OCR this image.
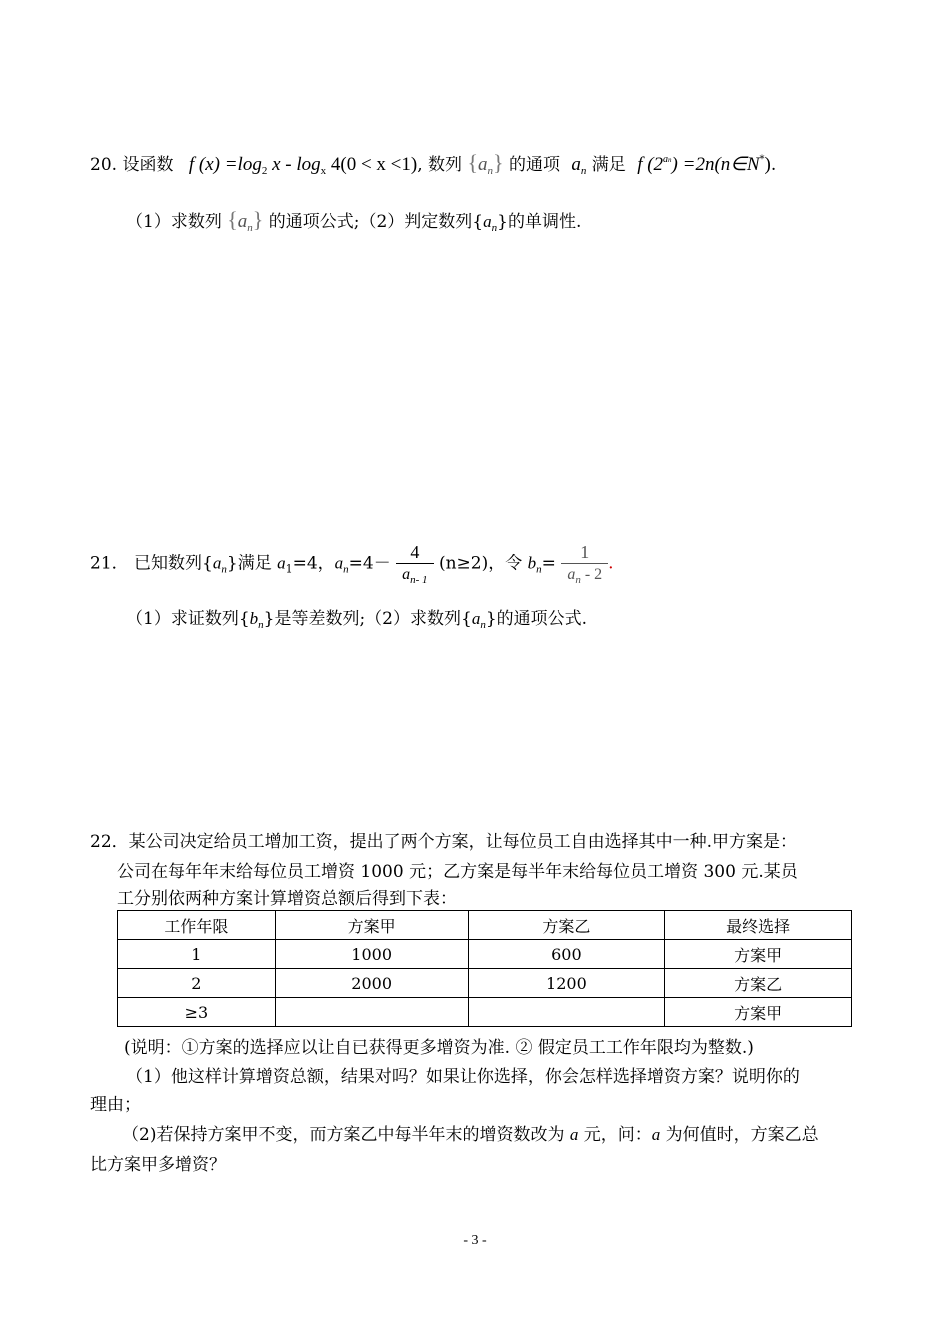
20. 设函数 f $(x) =\log_2$ $x - \log_x 4(0 < x <1)$, 数列 $\{a_n\}$ 的通项 $a_n$ 满足 f $(2^{an})$ =2n(n∈N*).
（1）求数列 $\{a_n\}$ 的通项公式;（2）判定数列$\{a_n\}$的单调性.
21． 已知数列$\{a_n\}$满足 $a_1=4$，$a_n=4- \frac{4}{a_{n- 1}} (n\ge 2)$，令 $b_n= \frac{1}{a_n - 2}$ .
（1）求证数列$\{b_n\}$是等差数列;（2）求数列$\{a_n\}$的通项公式.
22．某公司决定给员工增加工资，提出了两个方案，让每位员工自由选择其中一种.甲方案是：
公司在每年年末给每位员工增资 1000 元；乙方案是每半年末给每位员工增资 300 元.某员
工分别依两种方案计算增资总额后得到下表：
工作年限	方案甲	方案乙	最终选择
1	1000	600	方案甲
2	2000	1200	方案乙
≥3			方案甲
(说明：①方案的选择应以让自已获得更多增资为准. ② 假定员工工作年限均为整数.)
（1）他这样计算增资总额，结果对吗？如果让你选择，你会怎样选择增资方案？说明你的
理由；
（2)若保持方案甲不变，而方案乙中每半年末的增资数改为 a 元，问：a 为何值时，方案乙总
比方案甲多增资？
- 3 -
